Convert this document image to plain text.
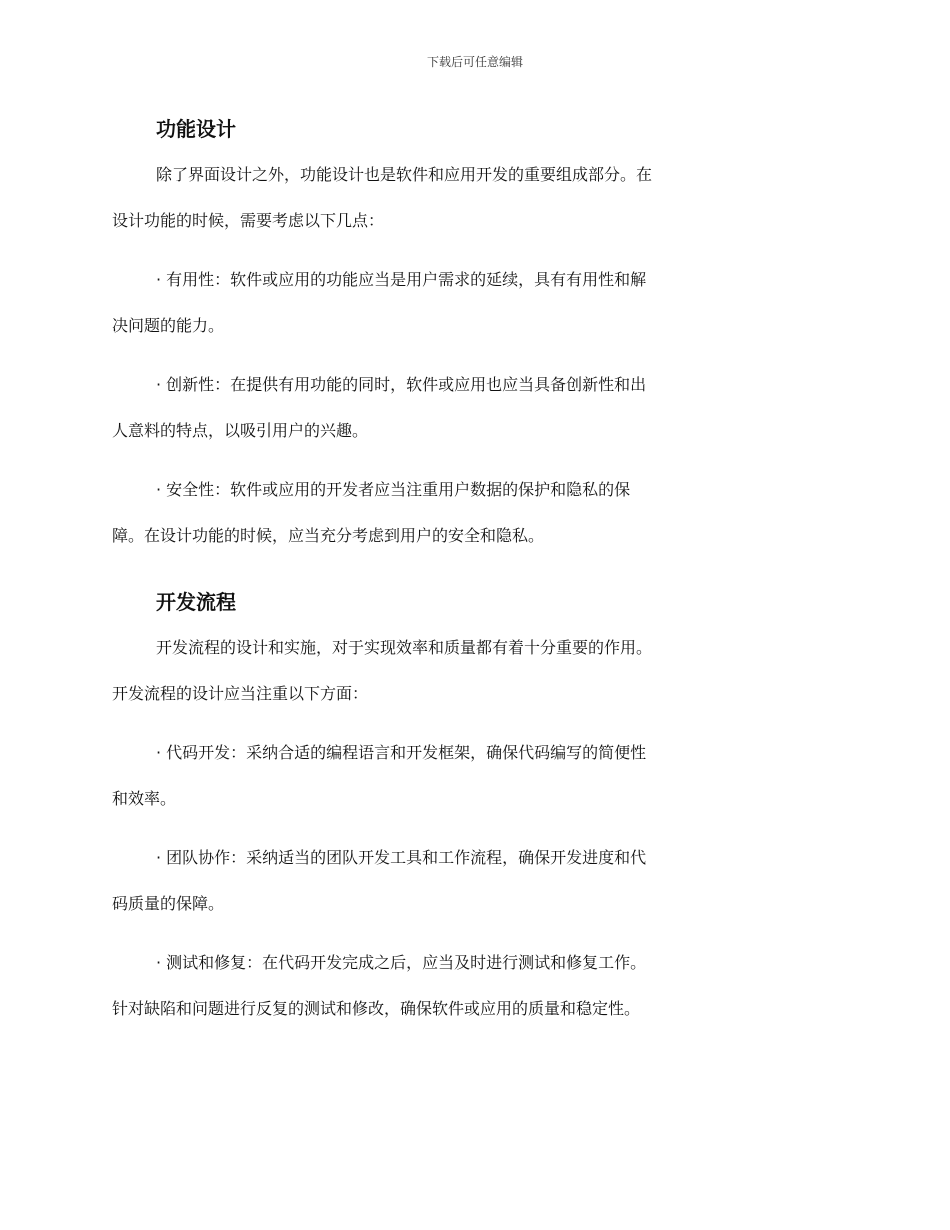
下载后可任意编辑
功能设计
除了界面设计之外，功能设计也是软件和应用开发的重要组成部分。在
设计功能的时候，需要考虑以下几点：
· 有用性：软件或应用的功能应当是用户需求的延续，具有有用性和解
决问题的能力。
· 创新性：在提供有用功能的同时，软件或应用也应当具备创新性和出
人意料的特点，以吸引用户的兴趣。
· 安全性：软件或应用的开发者应当注重用户数据的保护和隐私的保
障。在设计功能的时候，应当充分考虑到用户的安全和隐私。
开发流程
开发流程的设计和实施，对于实现效率和质量都有着十分重要的作用。
开发流程的设计应当注重以下方面：
· 代码开发：采纳合适的编程语言和开发框架，确保代码编写的简便性
和效率。
· 团队协作：采纳适当的团队开发工具和工作流程，确保开发进度和代
码质量的保障。
· 测试和修复：在代码开发完成之后，应当及时进行测试和修复工作。
针对缺陷和问题进行反复的测试和修改，确保软件或应用的质量和稳定性。
